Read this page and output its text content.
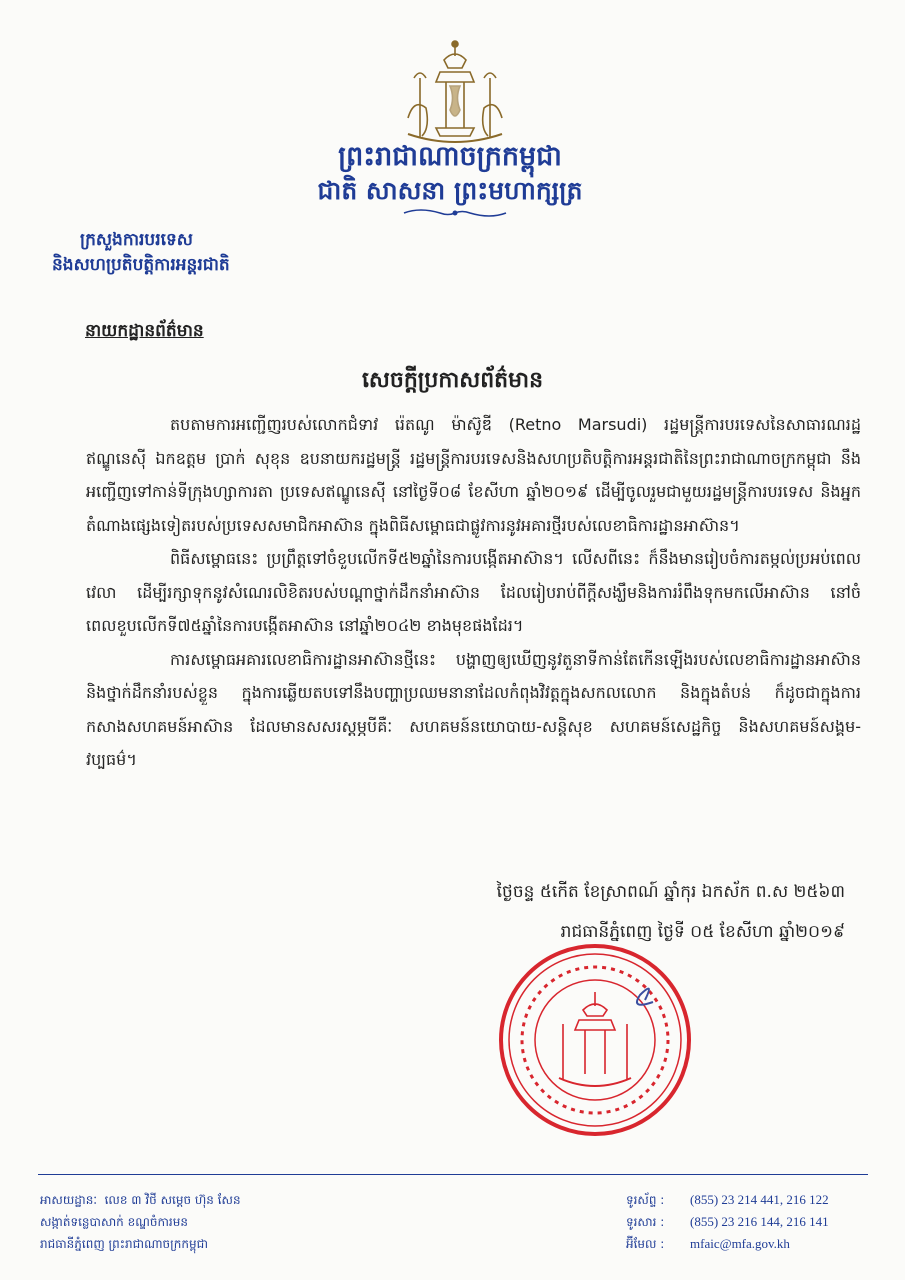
ព្រះរាជាណាចក្រកម្ពុជា
ជាតិ សាសនា ព្រះមហាក្សត្រ
ក្រសួងការបរទេស
និងសហប្រតិបត្តិការអន្តរជាតិ
នាយកដ្ឋានព័ត៌មាន
សេចក្តីប្រកាសព័ត៌មាន

តបតាមការអញ្ជើញរបស់លោកជំទាវ រ៉េតណូ ម៉ាស៊ូឌី (Retno Marsudi) រដ្ឋមន្ត្រីការបរទេសនៃសាធារណរដ្ឋឥណ្ឌូនេស៊ី ឯកឧត្តម ប្រាក់ សុខុន ឧបនាយករដ្ឋមន្ត្រី រដ្ឋមន្ត្រីការបរទេសនិងសហប្រតិបត្តិការអន្តរជាតិនៃព្រះរាជាណាចក្រកម្ពុជា នឹងអញ្ជើញទៅកាន់ទីក្រុងហ្សាការតា ប្រទេសឥណ្ឌូនេស៊ី នៅថ្ងៃទី០៨ ខែសីហា ឆ្នាំ២០១៩ ដើម្បីចូលរួមជាមួយរដ្ឋមន្ត្រីការបរទេស និងអ្នកតំណាងផ្សេងទៀតរបស់ប្រទេសសមាជិកអាស៊ាន ក្នុងពិធីសម្ពោធជាផ្លូវការនូវអគារថ្មីរបស់លេខាធិការដ្ឋានអាស៊ាន។

ពិធីសម្ពោធនេះ ប្រព្រឹត្តទៅចំខួបលើកទី៥២ឆ្នាំនៃការបង្កើតអាស៊ាន។ លើសពីនេះ ក៏នឹងមានរៀបចំការតម្កល់ប្រអប់ពេលវេលា ដើម្បីរក្សាទុកនូវសំណេរលិខិតរបស់បណ្តាថ្នាក់ដឹកនាំអាស៊ាន ដែលរៀបរាប់ពីក្តីសង្ឃឹមនិងការរំពឹងទុកមកលើអាស៊ាន នៅចំពេលខួបលើកទី៧៥ឆ្នាំនៃការបង្កើតអាស៊ាន នៅឆ្នាំ២០៤២ ខាងមុខផងដែរ។

ការសម្ពោធអគារលេខាធិការដ្ឋានអាស៊ានថ្មីនេះ បង្ហាញឲ្យឃើញនូវតួនាទីកាន់តែកើនឡើងរបស់លេខាធិការដ្ឋានអាស៊ាន និងថ្នាក់ដឹកនាំរបស់ខ្លួន ក្នុងការឆ្លើយតបទៅនឹងបញ្ហាប្រឈមនានាដែលកំពុងវិវត្តក្នុងសកលលោក និងក្នុងតំបន់ ក៏ដូចជាក្នុងការកសាងសហគមន៍អាស៊ាន ដែលមានសសរស្តម្ភបីគឺៈ សហគមន៍នយោបាយ-សន្តិសុខ សហគមន៍សេដ្ឋកិច្ច និងសហគមន៍សង្គម-វប្បធម៌។

ថ្ងៃចន្ទ ៥កើត ខែស្រាពណ៍ ឆ្នាំកុរ ឯកស័ក ព.ស ២៥៦៣
រាជធានីភ្នំពេញ ថ្ងៃទី ០៥ ខែសីហា ឆ្នាំ២០១៩
អាសយដ្ឋានៈ លេខ ៣ វិថី សម្តេច ហ៊ុន សែន
សង្កាត់ទន្លេបាសាក់ ខណ្ឌចំការមន
រាជធានីភ្នំពេញ ព្រះរាជាណាចក្រកម្ពុជា
ទូរស័ព្ទ :	(855) 23 214 441, 216 122
ទូរសារ :	(855) 23 216 144, 216 141
អ៊ីមែល :	mfaic@mfa.gov.kh
